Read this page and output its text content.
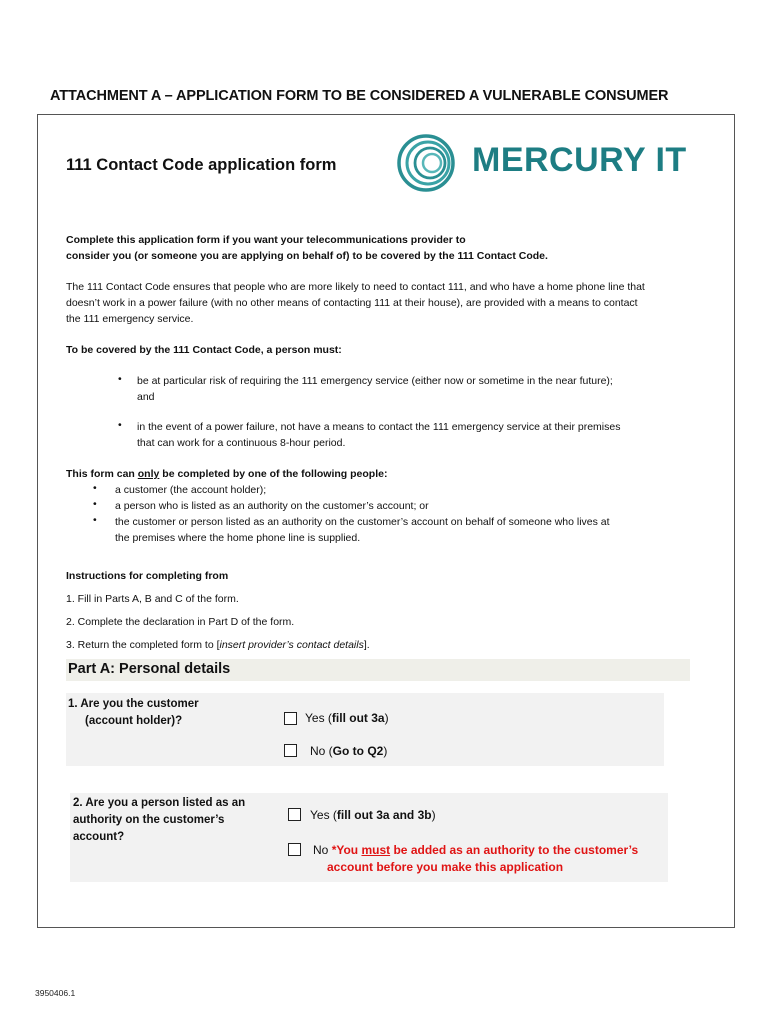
ATTACHMENT A – APPLICATION FORM TO BE CONSIDERED A VULNERABLE CONSUMER
111 Contact Code application form	MERCURY IT
Complete this application form if you want your telecommunications provider to
consider you (or someone you are applying on behalf of) to be covered by the 111 Contact Code.
The 111 Contact Code ensures that people who are more likely to need to contact 111, and who have a home phone line that
doesn’t work in a power failure (with no other means of contacting 111 at their house), are provided with a means to contact
the 111 emergency service.
To be covered by the 111 Contact Code, a person must:
• be at particular risk of requiring the 111 emergency service (either now or sometime in the near future);
and
• in the event of a power failure, not have a means to contact the 111 emergency service at their premises
that can work for a continuous 8-hour period.
This form can only be completed by one of the following people:
• a customer (the account holder);
• a person who is listed as an authority on the customer’s account; or
• the customer or person listed as an authority on the customer’s account on behalf of someone who lives at
the premises where the home phone line is supplied.
Instructions for completing from
1. Fill in Parts A, B and C of the form.
2. Complete the declaration in Part D of the form.
3. Return the completed form to [insert provider’s contact details].
Part A: Personal details
1. Are you the customer
(account holder)?	Yes (fill out 3a)
No (Go to Q2)
2. Are you a person listed as an
authority on the customer’s
account?
Yes (fill out 3a and 3b)
No *You must be added as an authority to the customer’s
account before you make this application
3950406.1
